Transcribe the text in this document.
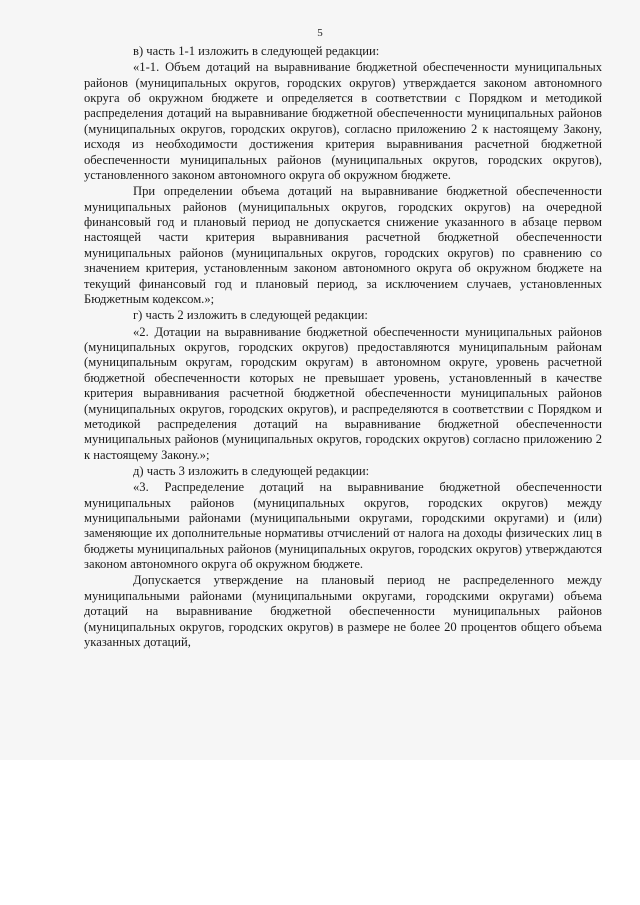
5

в) часть 1-1 изложить в следующей редакции:

«1-1. Объем дотаций на выравнивание бюджетной обеспеченности муниципальных районов (муниципальных округов, городских округов) утверждается законом автономного округа об окружном бюджете и определяется в соответствии с Порядком и методикой распределения дотаций на выравнивание бюджетной обеспеченности муниципальных районов (муниципальных округов, городских округов), согласно приложению 2 к настоящему Закону, исходя из необходимости достижения критерия выравнивания расчетной бюджетной обеспеченности муниципальных районов (муниципальных округов, городских округов), установленного законом автономного округа об окружном бюджете.

При определении объема дотаций на выравнивание бюджетной обеспеченности муниципальных районов (муниципальных округов, городских округов) на очередной финансовый год и плановый период не допускается снижение указанного в абзаце первом настоящей части критерия выравнивания расчетной бюджетной обеспеченности муниципальных районов (муниципальных округов, городских округов) по сравнению со значением критерия, установленным законом автономного округа об окружном бюджете на текущий финансовый год и плановый период, за исключением случаев, установленных Бюджетным кодексом.»;

г) часть 2 изложить в следующей редакции:

«2. Дотации на выравнивание бюджетной обеспеченности муниципальных районов (муниципальных округов, городских округов) предоставляются муниципальным районам (муниципальным округам, городским округам) в автономном округе, уровень расчетной бюджетной обеспеченности которых не превышает уровень, установленный в качестве критерия выравнивания расчетной бюджетной обеспеченности муниципальных районов (муниципальных округов, городских округов), и распределяются в соответствии с Порядком и методикой распределения дотаций на выравнивание бюджетной обеспеченности муниципальных районов (муниципальных округов, городских округов) согласно приложению 2 к настоящему Закону.»;

д) часть 3 изложить в следующей редакции:

«3. Распределение дотаций на выравнивание бюджетной обеспеченности муниципальных районов (муниципальных округов, городских округов) между муниципальными районами (муниципальными округами, городскими округами) и (или) заменяющие их дополнительные нормативы отчислений от налога на доходы физических лиц в бюджеты муниципальных районов (муниципальных округов, городских округов) утверждаются законом автономного округа об окружном бюджете.

Допускается утверждение на плановый период не распределенного между муниципальными районами (муниципальными округами, городскими округами) объема дотаций на выравнивание бюджетной обеспеченности муниципальных районов (муниципальных округов, городских округов) в размере не более 20 процентов общего объема указанных дотаций,
